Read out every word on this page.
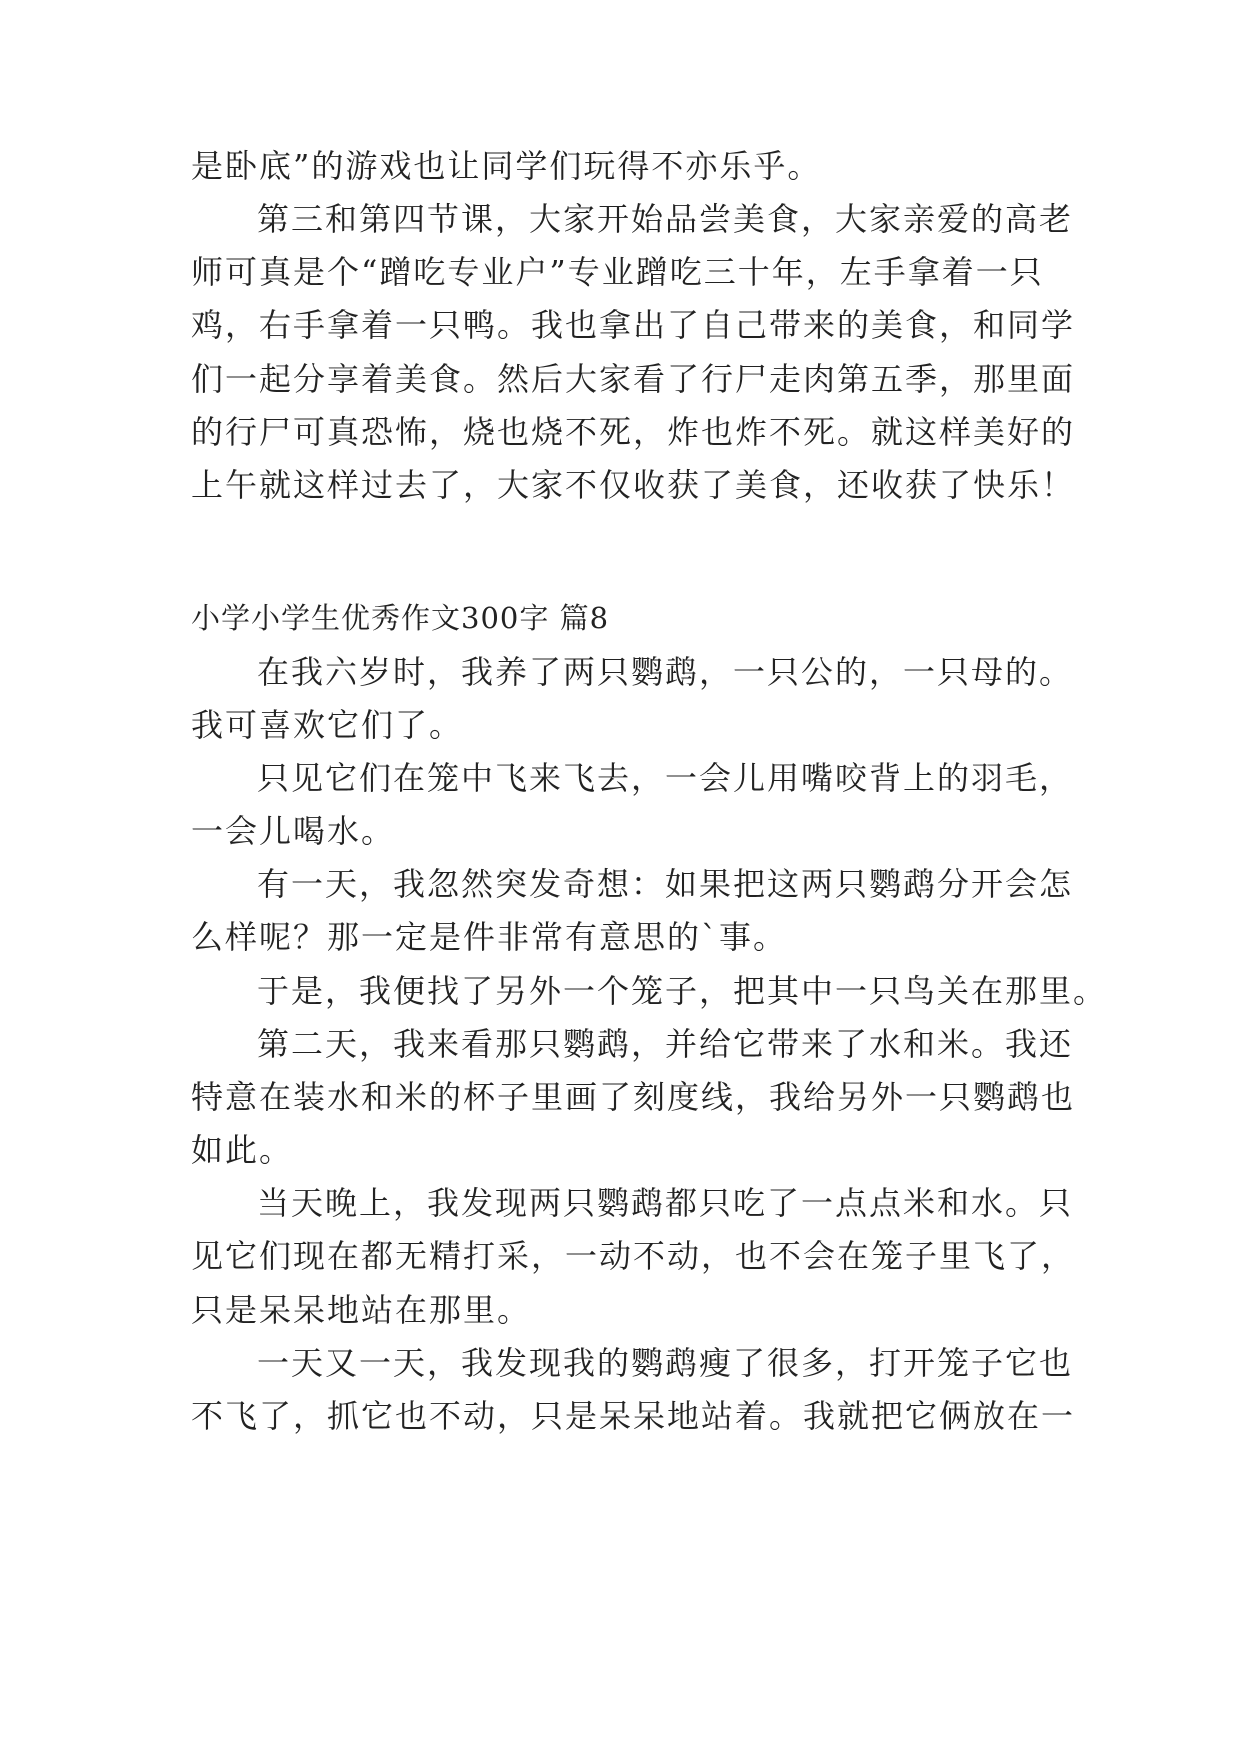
是卧底”的游戏也让同学们玩得不亦乐乎。
第三和第四节课，大家开始品尝美食，大家亲爱的高老
师可真是个“蹭吃专业户”专业蹭吃三十年，左手拿着一只
鸡，右手拿着一只鸭。我也拿出了自己带来的美食，和同学
们一起分享着美食。然后大家看了行尸走肉第五季，那里面
的行尸可真恐怖，烧也烧不死，炸也炸不死。就这样美好的
上午就这样过去了，大家不仅收获了美食，还收获了快乐！
小学小学生优秀作文300字 篇8
在我六岁时，我养了两只鹦鹉，一只公的，一只母的。
我可喜欢它们了。
只见它们在笼中飞来飞去，一会儿用嘴咬背上的羽毛，
一会儿喝水。
有一天，我忽然突发奇想：如果把这两只鹦鹉分开会怎
么样呢？那一定是件非常有意思的`事。
于是，我便找了另外一个笼子，把其中一只鸟关在那里。
第二天，我来看那只鹦鹉，并给它带来了水和米。我还
特意在装水和米的杯子里画了刻度线，我给另外一只鹦鹉也
如此。
当天晚上，我发现两只鹦鹉都只吃了一点点米和水。只
见它们现在都无精打采，一动不动，也不会在笼子里飞了，
只是呆呆地站在那里。
一天又一天，我发现我的鹦鹉瘦了很多，打开笼子它也
不飞了，抓它也不动，只是呆呆地站着。我就把它俩放在一
